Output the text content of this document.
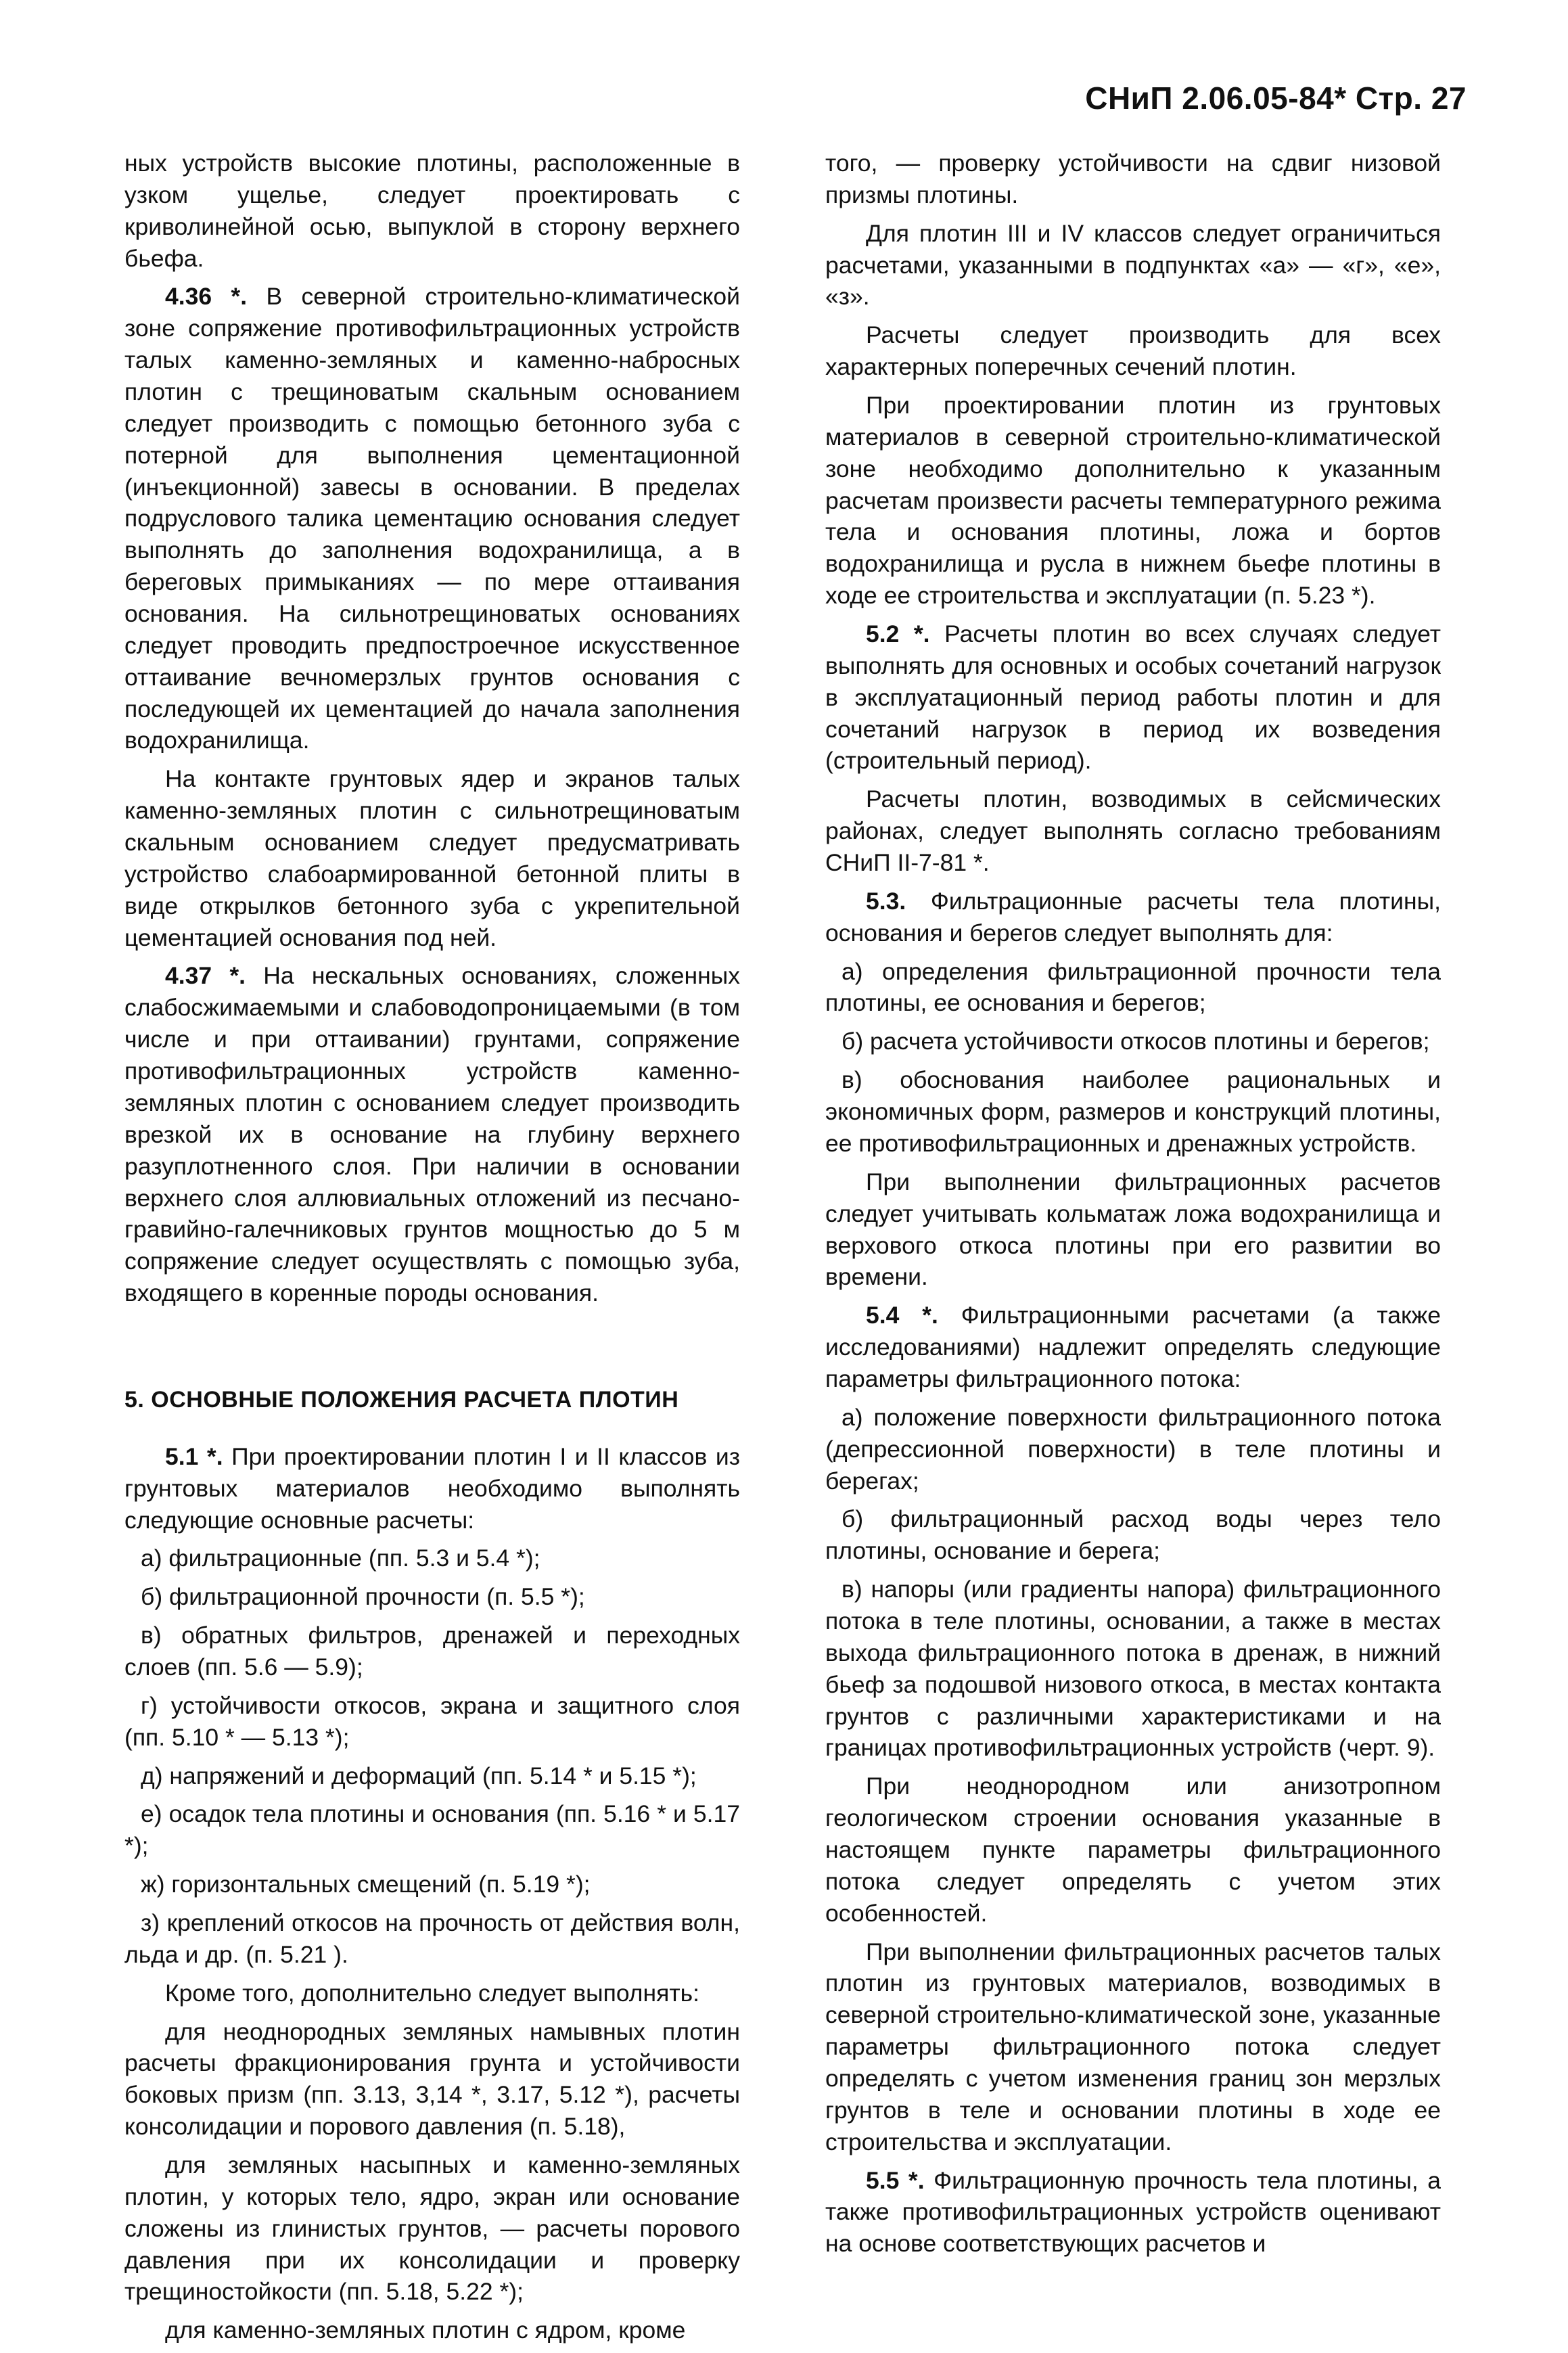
СНиП 2.06.05-84* Стр. 27

ных устройств высокие плотины, расположенные в узком ущелье, следует проектировать с криволинейной осью, выпуклой в сторону верхнего бьефа.

4.36 *. В северной строительно-климатической зоне сопряжение противофильтрационных устройств талых каменно-земляных и каменно-набросных плотин с трещиноватым скальным основанием следует производить с помощью бетонного зуба с потерной для выполнения цементационной (инъекционной) завесы в основании. В пределах подруслового талика цементацию основания следует выполнять до заполнения водохранилища, а в береговых примыканиях — по мере оттаивания основания. На сильнотрещиноватых основаниях следует проводить предпостроечное искусственное оттаивание вечномерзлых грунтов основания с последующей их цементацией до начала заполнения водохранилища.

На контакте грунтовых ядер и экранов талых каменно-земляных плотин с сильнотрещиноватым скальным основанием следует предусматривать устройство слабоармированной бетонной плиты в виде открылков бетонного зуба с укрепительной цементацией основания под ней.

4.37 *. На нескальных основаниях, сложенных слабосжимаемыми и слабоводопроницаемыми (в том числе и при оттаивании) грунтами, сопряжение противофильтрационных устройств каменно-земляных плотин с основанием следует производить врезкой их в основание на глубину верхнего разуплотненного слоя. При наличии в основании верхнего слоя аллювиальных отложений из песчано-гравийно-галечниковых грунтов мощностью до 5 м сопряжение следует осуществлять с помощью зуба, входящего в коренные породы основания.

5. ОСНОВНЫЕ ПОЛОЖЕНИЯ РАСЧЕТА ПЛОТИН

5.1 *. При проектировании плотин I и II классов из грунтовых материалов необходимо выполнять следующие основные расчеты:

а) фильтрационные (пп. 5.3 и 5.4 *);

б) фильтрационной прочности (п. 5.5 *);

в) обратных фильтров, дренажей и переходных слоев (пп. 5.6 — 5.9);

г) устойчивости откосов, экрана и защитного слоя (пп. 5.10 * — 5.13 *);

д) напряжений и деформаций (пп. 5.14 * и 5.15 *);

е) осадок тела плотины и основания (пп. 5.16 * и 5.17 *);

ж) горизонтальных смещений (п. 5.19 *);

з) креплений откосов на прочность от действия волн, льда и др. (п. 5.21 ).

Кроме того, дополнительно следует выполнять:

для неоднородных земляных намывных плотин расчеты фракционирования грунта и устойчивости боковых призм (пп. 3.13, 3,14 *, 3.17, 5.12 *), расчеты консолидации и порового давления (п. 5.18),

для земляных насыпных и каменно-земляных плотин, у которых тело, ядро, экран или основание сложены из глинистых грунтов, — расчеты порового давления при их консолидации и проверку трещиностойкости (пп. 5.18, 5.22 *);

для каменно-земляных плотин с ядром, кроме

того, — проверку устойчивости на сдвиг низовой призмы плотины.

Для плотин III и IV классов следует ограничиться расчетами, указанными в подпунктах «а» — «г», «е», «з».

Расчеты следует производить для всех характерных поперечных сечений плотин.

При проектировании плотин из грунтовых материалов в северной строительно-климатической зоне необходимо дополнительно к указанным расчетам произвести расчеты температурного режима тела и основания плотины, ложа и бортов водохранилища и русла в нижнем бьефе плотины в ходе ее строительства и эксплуатации (п. 5.23 *).

5.2 *. Расчеты плотин во всех случаях следует выполнять для основных и особых сочетаний нагрузок в эксплуатационный период работы плотин и для сочетаний нагрузок в период их возведения (строительный период).

Расчеты плотин, возводимых в сейсмических районах, следует выполнять согласно требованиям СНиП II-7-81 *.

5.3. Фильтрационные расчеты тела плотины, основания и берегов следует выполнять для:

а) определения фильтрационной прочности тела плотины, ее основания и берегов;

б) расчета устойчивости откосов плотины и берегов;

в) обоснования наиболее рациональных и экономичных форм, размеров и конструкций плотины, ее противофильтрационных и дренажных устройств.

При выполнении фильтрационных расчетов следует учитывать кольматаж ложа водохранилища и верхового откоса плотины при его развитии во времени.

5.4 *. Фильтрационными расчетами (а также исследованиями) надлежит определять следующие параметры фильтрационного потока:

а) положение поверхности фильтрационного потока (депрессионной поверхности) в теле плотины и берегах;

б) фильтрационный расход воды через тело плотины, основание и берега;

в) напоры (или градиенты напора) фильтрационного потока в теле плотины, основании, а также в местах выхода фильтрационного потока в дренаж, в нижний бьеф за подошвой низового откоса, в местах контакта грунтов с различными характеристиками и на границах противофильтрационных устройств (черт. 9).

При неоднородном или анизотропном геологическом строении основания указанные в настоящем пункте параметры фильтрационного потока следует определять с учетом этих особенностей.

При выполнении фильтрационных расчетов талых плотин из грунтовых материалов, возводимых в северной строительно-климатической зоне, указанные параметры фильтрационного потока следует определять с учетом изменения границ зон мерзлых грунтов в теле и основании плотины в ходе ее строительства и эксплуатации.

5.5 *. Фильтрационную прочность тела плотины, а также противофильтрационных устройств оценивают на основе соответствующих расчетов и
